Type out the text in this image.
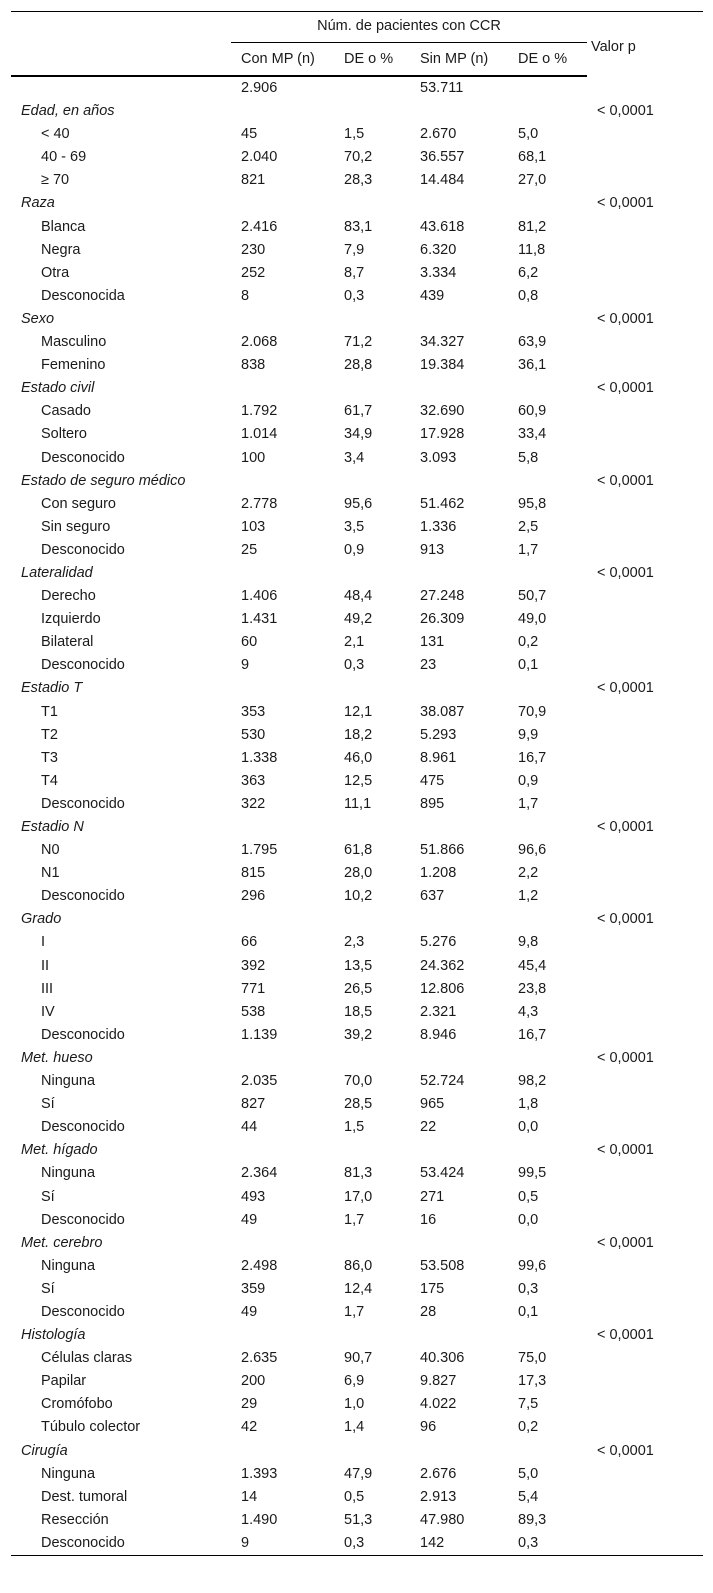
	Núm. de pacientes con CCR				Valor p
	Con MP (n)	DE o %	Sin MP (n)	DE o %	
	2.906		53.711		
Edad, en años					< 0,0001
< 40	45	1,5	2.670	5,0	
40 - 69	2.040	70,2	36.557	68,1	
≥ 70	821	28,3	14.484	27,0	
Raza					< 0,0001
Blanca	2.416	83,1	43.618	81,2	
Negra	230	7,9	6.320	11,8	
Otra	252	8,7	3.334	6,2	
Desconocida	8	0,3	439	0,8	
Sexo					< 0,0001
Masculino	2.068	71,2	34.327	63,9	
Femenino	838	28,8	19.384	36,1	
Estado civil					< 0,0001
Casado	1.792	61,7	32.690	60,9	
Soltero	1.014	34,9	17.928	33,4	
Desconocido	100	3,4	3.093	5,8	
Estado de seguro médico					< 0,0001
Con seguro	2.778	95,6	51.462	95,8	
Sin seguro	103	3,5	1.336	2,5	
Desconocido	25	0,9	913	1,7	
Lateralidad					< 0,0001
Derecho	1.406	48,4	27.248	50,7	
Izquierdo	1.431	49,2	26.309	49,0	
Bilateral	60	2,1	131	0,2	
Desconocido	9	0,3	23	0,1	
Estadio T					< 0,0001
T1	353	12,1	38.087	70,9	
T2	530	18,2	5.293	9,9	
T3	1.338	46,0	8.961	16,7	
T4	363	12,5	475	0,9	
Desconocido	322	11,1	895	1,7	
Estadio N					< 0,0001
N0	1.795	61,8	51.866	96,6	
N1	815	28,0	1.208	2,2	
Desconocido	296	10,2	637	1,2	
Grado					< 0,0001
I	66	2,3	5.276	9,8	
II	392	13,5	24.362	45,4	
III	771	26,5	12.806	23,8	
IV	538	18,5	2.321	4,3	
Desconocido	1.139	39,2	8.946	16,7	
Met. hueso					< 0,0001
Ninguna	2.035	70,0	52.724	98,2	
Sí	827	28,5	965	1,8	
Desconocido	44	1,5	22	0,0	
Met. hígado					< 0,0001
Ninguna	2.364	81,3	53.424	99,5	
Sí	493	17,0	271	0,5	
Desconocido	49	1,7	16	0,0	
Met. cerebro					< 0,0001
Ninguna	2.498	86,0	53.508	99,6	
Sí	359	12,4	175	0,3	
Desconocido	49	1,7	28	0,1	
Histología					< 0,0001
Células claras	2.635	90,7	40.306	75,0	
Papilar	200	6,9	9.827	17,3	
Cromófobo	29	1,0	4.022	7,5	
Túbulo colector	42	1,4	96	0,2	
Cirugía					< 0,0001
Ninguna	1.393	47,9	2.676	5,0	
Dest. tumoral	14	0,5	2.913	5,4	
Resección	1.490	51,3	47.980	89,3	
Desconocido	9	0,3	142	0,3	
